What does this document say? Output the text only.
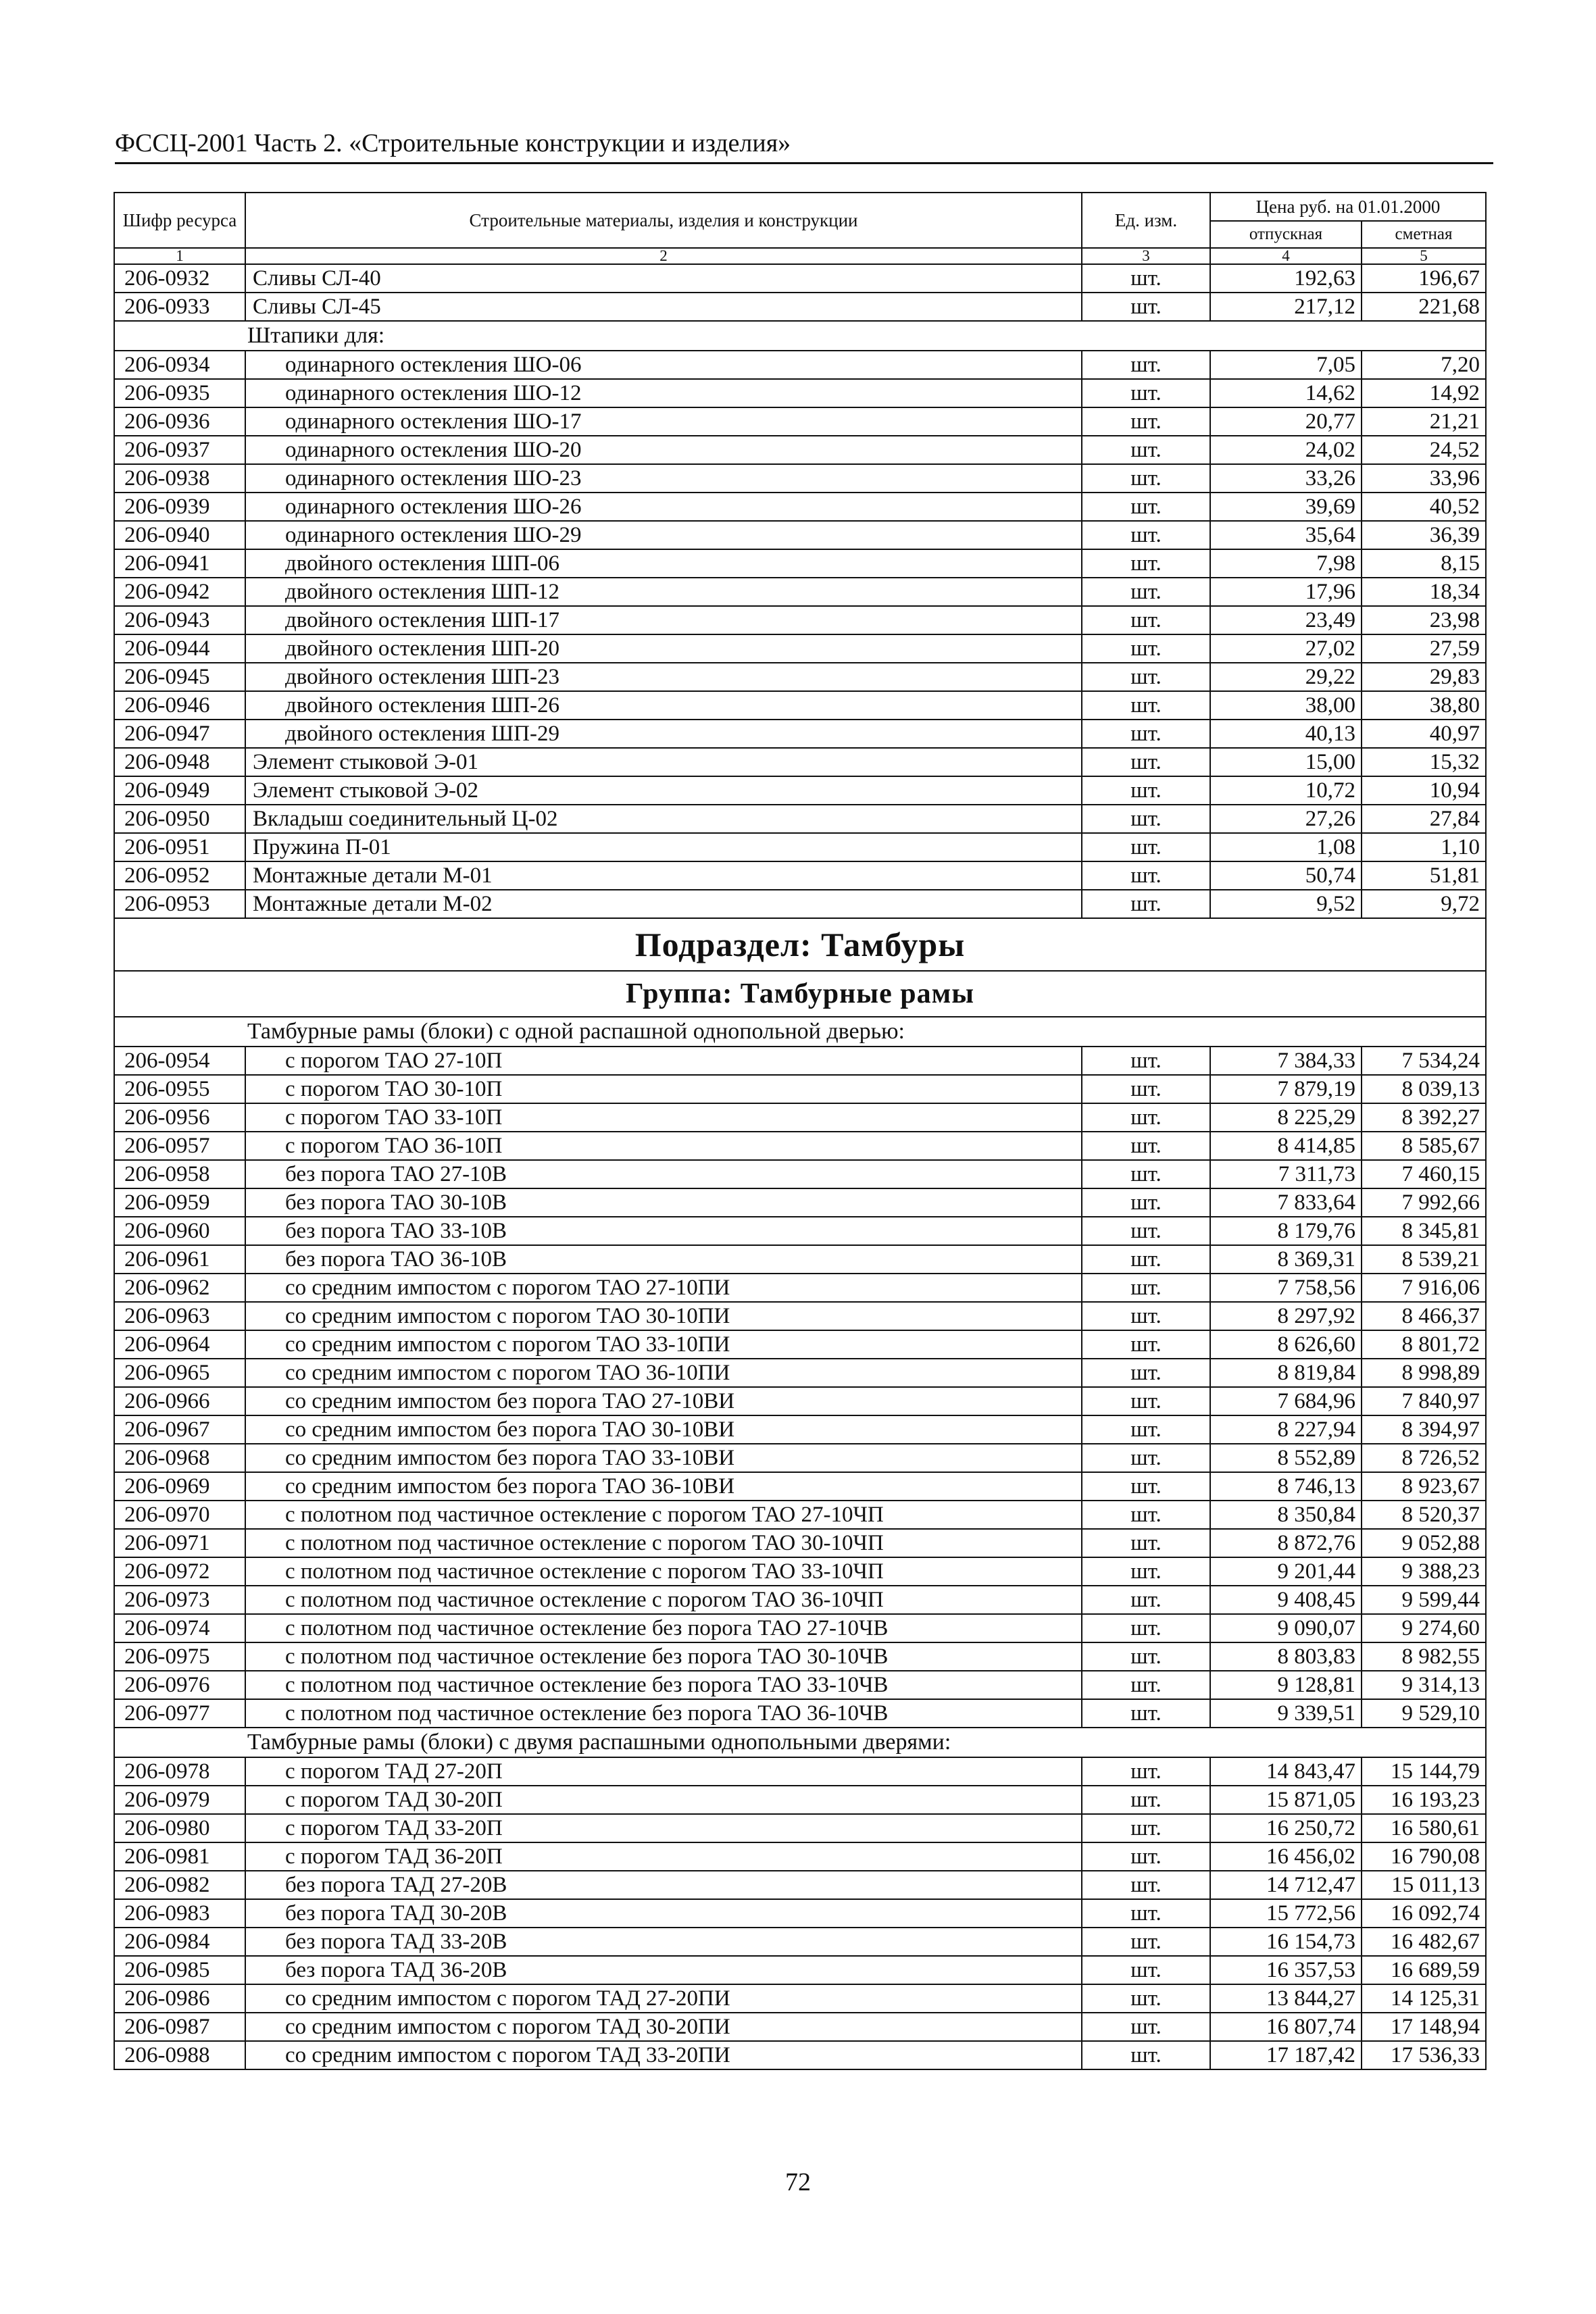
ФССЦ-2001 Часть 2. «Строительные конструкции и изделия»
Шифр ресурса	Строительные материалы, изделия и конструкции	Ед. изм.	Цена руб. на 01.01.2000	
			отпускная	сметная
1	2	3	4	5
206-0932	Сливы СЛ-40	шт.	192,63	196,67
206-0933	Сливы СЛ-45	шт.	217,12	221,68
Штапики для:				
206-0934	одинарного остекления ШО-06	шт.	7,05	7,20
206-0935	одинарного остекления ШО-12	шт.	14,62	14,92
206-0936	одинарного остекления ШО-17	шт.	20,77	21,21
206-0937	одинарного остекления ШО-20	шт.	24,02	24,52
206-0938	одинарного остекления ШО-23	шт.	33,26	33,96
206-0939	одинарного остекления ШО-26	шт.	39,69	40,52
206-0940	одинарного остекления ШО-29	шт.	35,64	36,39
206-0941	двойного остекления ШП-06	шт.	7,98	8,15
206-0942	двойного остекления ШП-12	шт.	17,96	18,34
206-0943	двойного остекления ШП-17	шт.	23,49	23,98
206-0944	двойного остекления ШП-20	шт.	27,02	27,59
206-0945	двойного остекления ШП-23	шт.	29,22	29,83
206-0946	двойного остекления ШП-26	шт.	38,00	38,80
206-0947	двойного остекления ШП-29	шт.	40,13	40,97
206-0948	Элемент стыковой Э-01	шт.	15,00	15,32
206-0949	Элемент стыковой Э-02	шт.	10,72	10,94
206-0950	Вкладыш соединительный Ц-02	шт.	27,26	27,84
206-0951	Пружина П-01	шт.	1,08	1,10
206-0952	Монтажные детали М-01	шт.	50,74	51,81
206-0953	Монтажные детали М-02	шт.	9,52	9,72
Подраздел: Тамбуры				
Группа: Тамбурные рамы				
Тамбурные рамы (блоки) с одной распашной однопольной дверью:				
206-0954	с порогом ТАО 27-10П	шт.	7 384,33	7 534,24
206-0955	с порогом ТАО 30-10П	шт.	7 879,19	8 039,13
206-0956	с порогом ТАО 33-10П	шт.	8 225,29	8 392,27
206-0957	с порогом ТАО 36-10П	шт.	8 414,85	8 585,67
206-0958	без порога ТАО 27-10В	шт.	7 311,73	7 460,15
206-0959	без порога ТАО 30-10В	шт.	7 833,64	7 992,66
206-0960	без порога ТАО 33-10В	шт.	8 179,76	8 345,81
206-0961	без порога ТАО 36-10В	шт.	8 369,31	8 539,21
206-0962	со средним импостом с порогом ТАО 27-10ПИ	шт.	7 758,56	7 916,06
206-0963	со средним импостом с порогом ТАО 30-10ПИ	шт.	8 297,92	8 466,37
206-0964	со средним импостом с порогом ТАО 33-10ПИ	шт.	8 626,60	8 801,72
206-0965	со средним импостом с порогом ТАО 36-10ПИ	шт.	8 819,84	8 998,89
206-0966	со средним импостом без порога ТАО 27-10ВИ	шт.	7 684,96	7 840,97
206-0967	со средним импостом без порога ТАО 30-10ВИ	шт.	8 227,94	8 394,97
206-0968	со средним импостом без порога ТАО 33-10ВИ	шт.	8 552,89	8 726,52
206-0969	со средним импостом без порога ТАО 36-10ВИ	шт.	8 746,13	8 923,67
206-0970	с полотном под частичное остекление с порогом ТАО 27-10ЧП	шт.	8 350,84	8 520,37
206-0971	с полотном под частичное остекление с порогом ТАО 30-10ЧП	шт.	8 872,76	9 052,88
206-0972	с полотном под частичное остекление с порогом ТАО 33-10ЧП	шт.	9 201,44	9 388,23
206-0973	с полотном под частичное остекление с порогом ТАО 36-10ЧП	шт.	9 408,45	9 599,44
206-0974	с полотном под частичное остекление без порога ТАО 27-10ЧВ	шт.	9 090,07	9 274,60
206-0975	с полотном под частичное остекление без порога ТАО 30-10ЧВ	шт.	8 803,83	8 982,55
206-0976	с полотном под частичное остекление без порога ТАО 33-10ЧВ	шт.	9 128,81	9 314,13
206-0977	с полотном под частичное остекление без порога ТАО 36-10ЧВ	шт.	9 339,51	9 529,10
Тамбурные рамы (блоки) с двумя распашными однопольными дверями:				
206-0978	с порогом ТАД 27-20П	шт.	14 843,47	15 144,79
206-0979	с порогом ТАД 30-20П	шт.	15 871,05	16 193,23
206-0980	с порогом ТАД 33-20П	шт.	16 250,72	16 580,61
206-0981	с порогом ТАД 36-20П	шт.	16 456,02	16 790,08
206-0982	без порога ТАД 27-20В	шт.	14 712,47	15 011,13
206-0983	без порога ТАД 30-20В	шт.	15 772,56	16 092,74
206-0984	без порога ТАД 33-20В	шт.	16 154,73	16 482,67
206-0985	без порога ТАД 36-20В	шт.	16 357,53	16 689,59
206-0986	со средним импостом с порогом ТАД 27-20ПИ	шт.	13 844,27	14 125,31
206-0987	со средним импостом с порогом ТАД 30-20ПИ	шт.	16 807,74	17 148,94
206-0988	со средним импостом с порогом ТАД 33-20ПИ	шт.	17 187,42	17 536,33
72
